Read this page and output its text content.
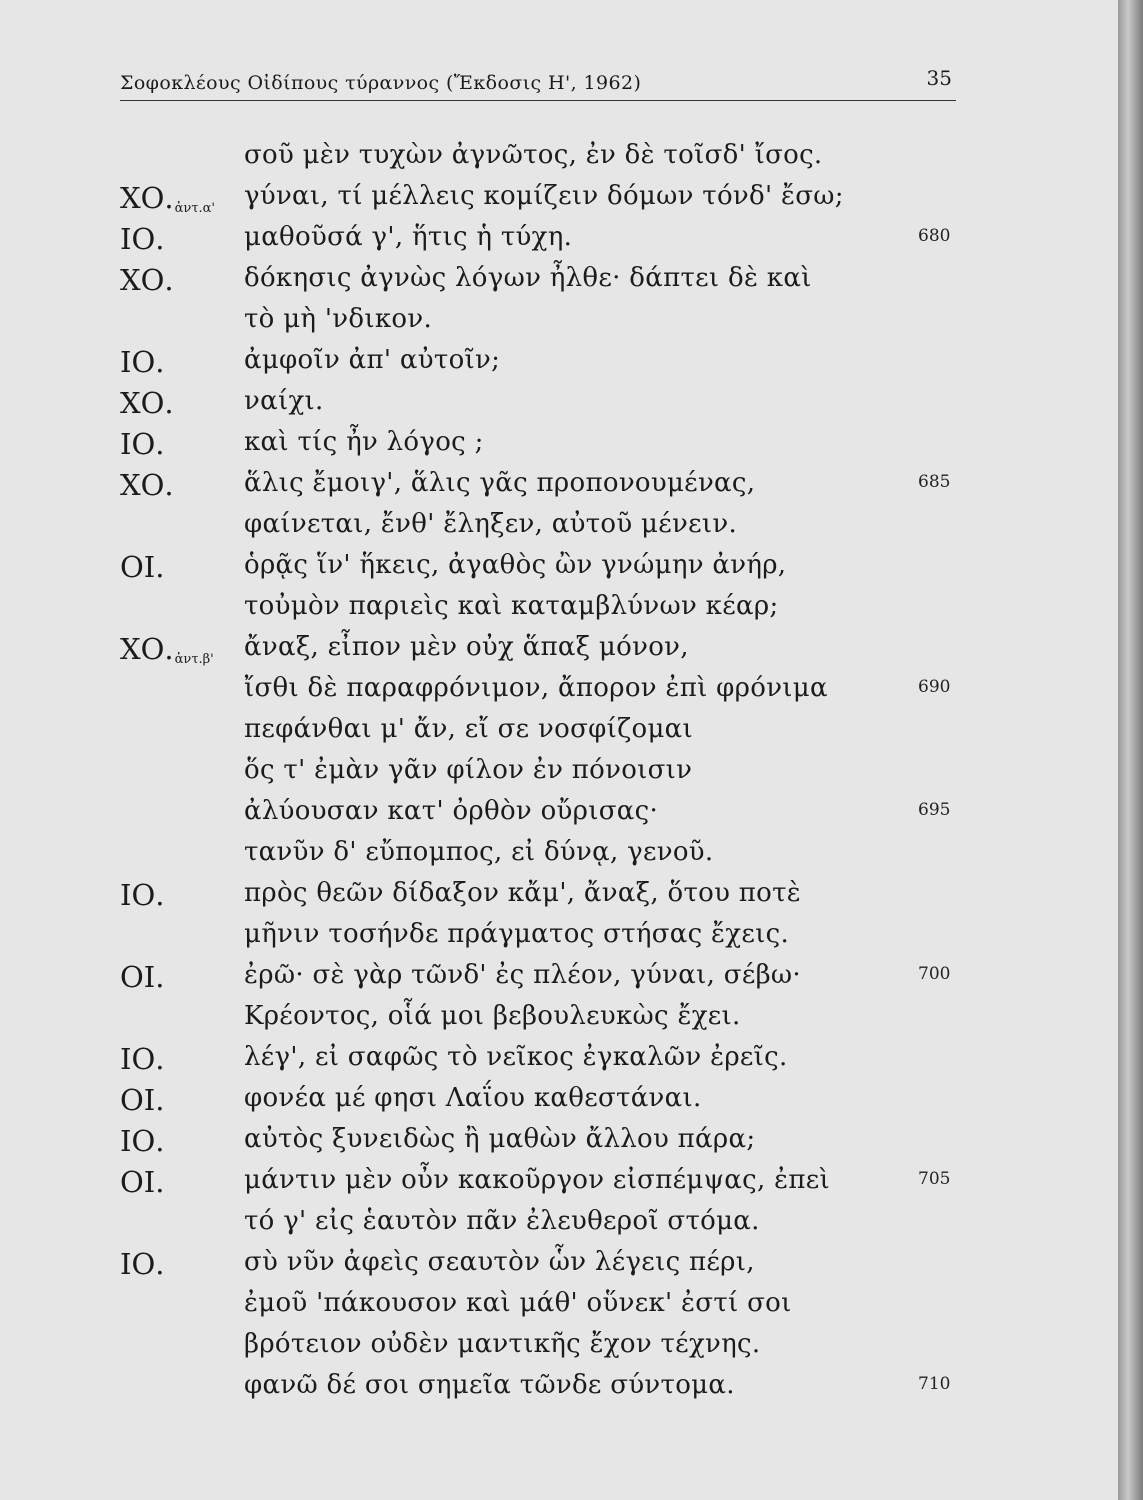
Σοφοκλέους Οἰδίπους τύραννος (Ἔκδοσις Η', 1962)	35
σοῦ μὲν τυχὼν ἀγνῶτος, ἐν δὲ τοῖσδ' ἴσος.
$XO._{ἀ\nu\tau.\alpha'}$ γύναι, τί μέλλεις κομίζειν δόμων τόνδ' ἔσω;
ΙΟ.	μαθοῦσά γ', ἥτις ἡ τύχη.	680
ΧΟ.	δόκησις ἀγνὼς λόγων ἦλθε· δάπτει δὲ καὶ
τὸ μὴ 'νδικον.
ΙΟ.	ἀμφοῖν ἀπ' αὐτοῖν;
ΧΟ.	ναίχι.
ΙΟ.	καὶ τίς ἦν λόγος ;
ΧΟ.	ἅλις ἔμοιγ', ἅλις γᾶς προπονουμένας,	685
φαίνεται, ἔνθ' ἔληξεν, αὐτοῦ μένειν.
ΟΙ.	ὁρᾷς ἵν' ἥκεις, ἀγαθὸς ὢν γνώμην ἀνήρ,
τοὐμὸν παριεὶς καὶ καταμβλύνων κέαρ;
$XO._{ἀ\nu\tau.\beta'}$ ἄναξ, εἶπον μὲν οὐχ ἅπαξ μόνον,
ἴσθι δὲ παραφρόνιμον, ἄπορον ἐπὶ φρόνιμα	690
πεφάνθαι μ' ἄν, εἴ σε νοσφίζομαι
ὅς τ' ἐμὰν γᾶν φίλον ἐν πόνοισιν
ἀλύουσαν κατ' ὀρθὸν οὔρισας·	695
τανῦν δ' εὔπομπος, εἰ δύνᾳ, γενοῦ.
ΙΟ.	πρὸς θεῶν δίδαξον κἄμ', ἄναξ, ὅτου ποτὲ
μῆνιν τοσήνδε πράγματος στήσας ἔχεις.
ΟΙ.	ἐρῶ· σὲ γὰρ τῶνδ' ἐς πλέον, γύναι, σέβω·	700
Κρέοντος, οἷά μοι βεβουλευκὼς ἔχει.
ΙΟ.	λέγ', εἰ σαφῶς τὸ νεῖκος ἐγκαλῶν ἐρεῖς.
ΟΙ.	φονέα μέ φησι Λαΐου καθεστάναι.
ΙΟ.	αὐτὸς ξυνειδὼς ἢ μαθὼν ἄλλου πάρα;
ΟΙ.	μάντιν μὲν οὖν κακοῦργον εἰσπέμψας, ἐπεὶ	705
τό γ' εἰς ἑαυτὸν πᾶν ἐλευθεροῖ στόμα.
ΙΟ.	σὺ νῦν ἀφεὶς σεαυτὸν ὧν λέγεις πέρι,
ἐμοῦ 'πάκουσον καὶ μάθ' οὕνεκ' ἐστί σοι
βρότειον οὐδὲν μαντικῆς ἔχον τέχνης.
φανῶ δέ σοι σημεῖα τῶνδε σύντομα.	710
